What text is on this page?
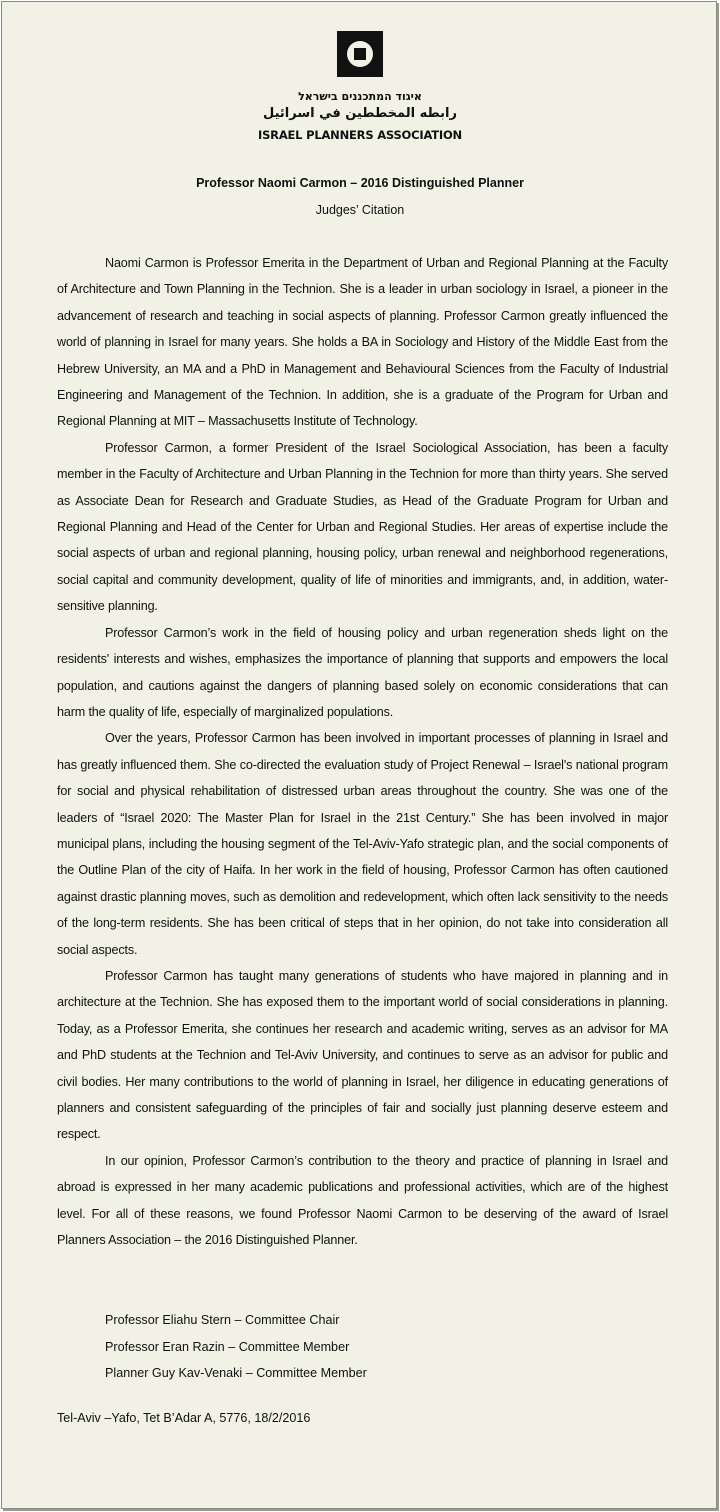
איגוד המתכננים בישראל
رابطه المخططين في اسرائيل
ISRAEL PLANNERS ASSOCIATION
Professor Naomi Carmon – 2016 Distinguished Planner
Judges’ Citation

Naomi Carmon is Professor Emerita in the Department of Urban and Regional Planning at the Faculty of Architecture and Town Planning in the Technion. She is a leader in urban sociology in Israel, a pioneer in the advancement of research and teaching in social aspects of planning. Professor Carmon greatly influenced the world of planning in Israel for many years. She holds a BA in Sociology and History of the Middle East from the Hebrew University, an MA and a PhD in Management and Behavioural Sciences from the Faculty of Industrial Engineering and Management of the Technion. In addition, she is a graduate of the Program for Urban and Regional Planning at MIT – Massachusetts Institute of Technology.

Professor Carmon, a former President of the Israel Sociological Association, has been a faculty member in the Faculty of Architecture and Urban Planning in the Technion for more than thirty years. She served as Associate Dean for Research and Graduate Studies, as Head of the Graduate Program for Urban and Regional Planning and Head of the Center for Urban and Regional Studies. Her areas of expertise include the social aspects of urban and regional planning, housing policy, urban renewal and neighborhood regenerations, social capital and community development, quality of life of minorities and immigrants, and, in addition, water-sensitive planning.

Professor Carmon’s work in the field of housing policy and urban regeneration sheds light on the residents' interests and wishes, emphasizes the importance of planning that supports and empowers the local population, and cautions against the dangers of planning based solely on economic considerations that can harm the quality of life, especially of marginalized populations.

Over the years, Professor Carmon has been involved in important processes of planning in Israel and has greatly influenced them. She co-directed the evaluation study of Project Renewal – Israel's national program for social and physical rehabilitation of distressed urban areas throughout the country. She was one of the leaders of “Israel 2020: The Master Plan for Israel in the 21st Century.” She has been involved in major municipal plans, including the housing segment of the Tel-Aviv-Yafo strategic plan, and the social components of the Outline Plan of the city of Haifa. In her work in the field of housing, Professor Carmon has often cautioned against drastic planning moves, such as demolition and redevelopment, which often lack sensitivity to the needs of the long-term residents. She has been critical of steps that in her opinion, do not take into consideration all social aspects.

Professor Carmon has taught many generations of students who have majored in planning and in architecture at the Technion. She has exposed them to the important world of social considerations in planning. Today, as a Professor Emerita, she continues her research and academic writing, serves as an advisor for MA and PhD students at the Technion and Tel-Aviv University, and continues to serve as an advisor for public and civil bodies. Her many contributions to the world of planning in Israel, her diligence in educating generations of planners and consistent safeguarding of the principles of fair and socially just planning deserve esteem and respect.

In our opinion, Professor Carmon’s contribution to the theory and practice of planning in Israel and abroad is expressed in her many academic publications and professional activities, which are of the highest level. For all of these reasons, we found Professor Naomi Carmon to be deserving of the award of Israel Planners Association – the 2016 Distinguished Planner.

Professor Eliahu Stern – Committee Chair
Professor Eran Razin – Committee Member
Planner Guy Kav-Venaki – Committee Member
Tel-Aviv –Yafo, Tet B’Adar A, 5776, 18/2/2016
